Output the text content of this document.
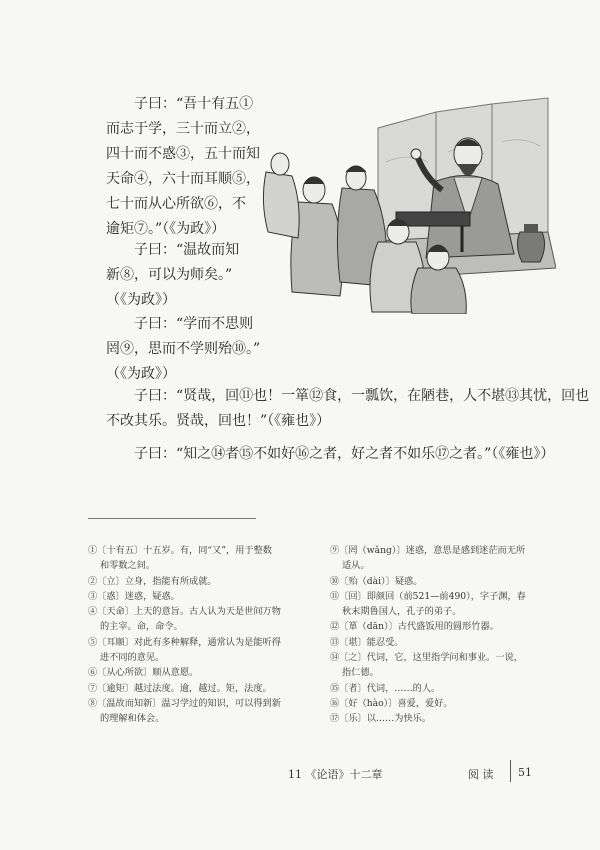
子曰：“吾十有五①
而志于学，三十而立②，
四十而不惑③，五十而知
天命④，六十而耳顺⑤，
七十而从心所欲⑥，不
逾矩⑦。”（《为政》）
子曰：“温故而知
新⑧，可以为师矣。”
（《为政》）
子曰：“学而不思则
罔⑨，思而不学则殆⑩。”
（《为政》）
子曰：“贤哉，回⑪也！一箪⑫食，一瓢饮，在陋巷，人不堪⑬其忧，回也
不改其乐。贤哉，回也！”（《雍也》）
子曰：“知之⑭者⑮不如好⑯之者，好之者不如乐⑰之者。”（《雍也》）
①〔十有五〕十五岁。有，同“又”，用于整数
和零数之间。
②〔立〕立身，指能有所成就。
③〔惑〕迷惑，疑惑。
④〔天命〕上天的意旨。古人认为天是世间万物
的主宰。命，命令。
⑤〔耳顺〕对此有多种解释，通常认为是能听得
进不同的意见。
⑥〔从心所欲〕顺从意愿。
⑦〔逾矩〕越过法度。逾，越过。矩，法度。
⑧〔温故而知新〕温习学过的知识，可以得到新
的理解和体会。
⑨〔罔（wǎng）〕迷惑，意思是感到迷茫而无所
适从。
⑩〔殆（dài）〕疑惑。
⑪〔回〕即颜回（前521—前490），字子渊，春
秋末期鲁国人，孔子的弟子。
⑫〔箪（dān）〕古代盛饭用的圆形竹器。
⑬〔堪〕能忍受。
⑭〔之〕代词，它，这里指学问和事业。一说，
指仁德。
⑮〔者〕代词，……的人。
⑯〔好（hào）〕喜爱，爱好。
⑰〔乐〕以……为快乐。
11 《论语》十二章	阅 读 51
